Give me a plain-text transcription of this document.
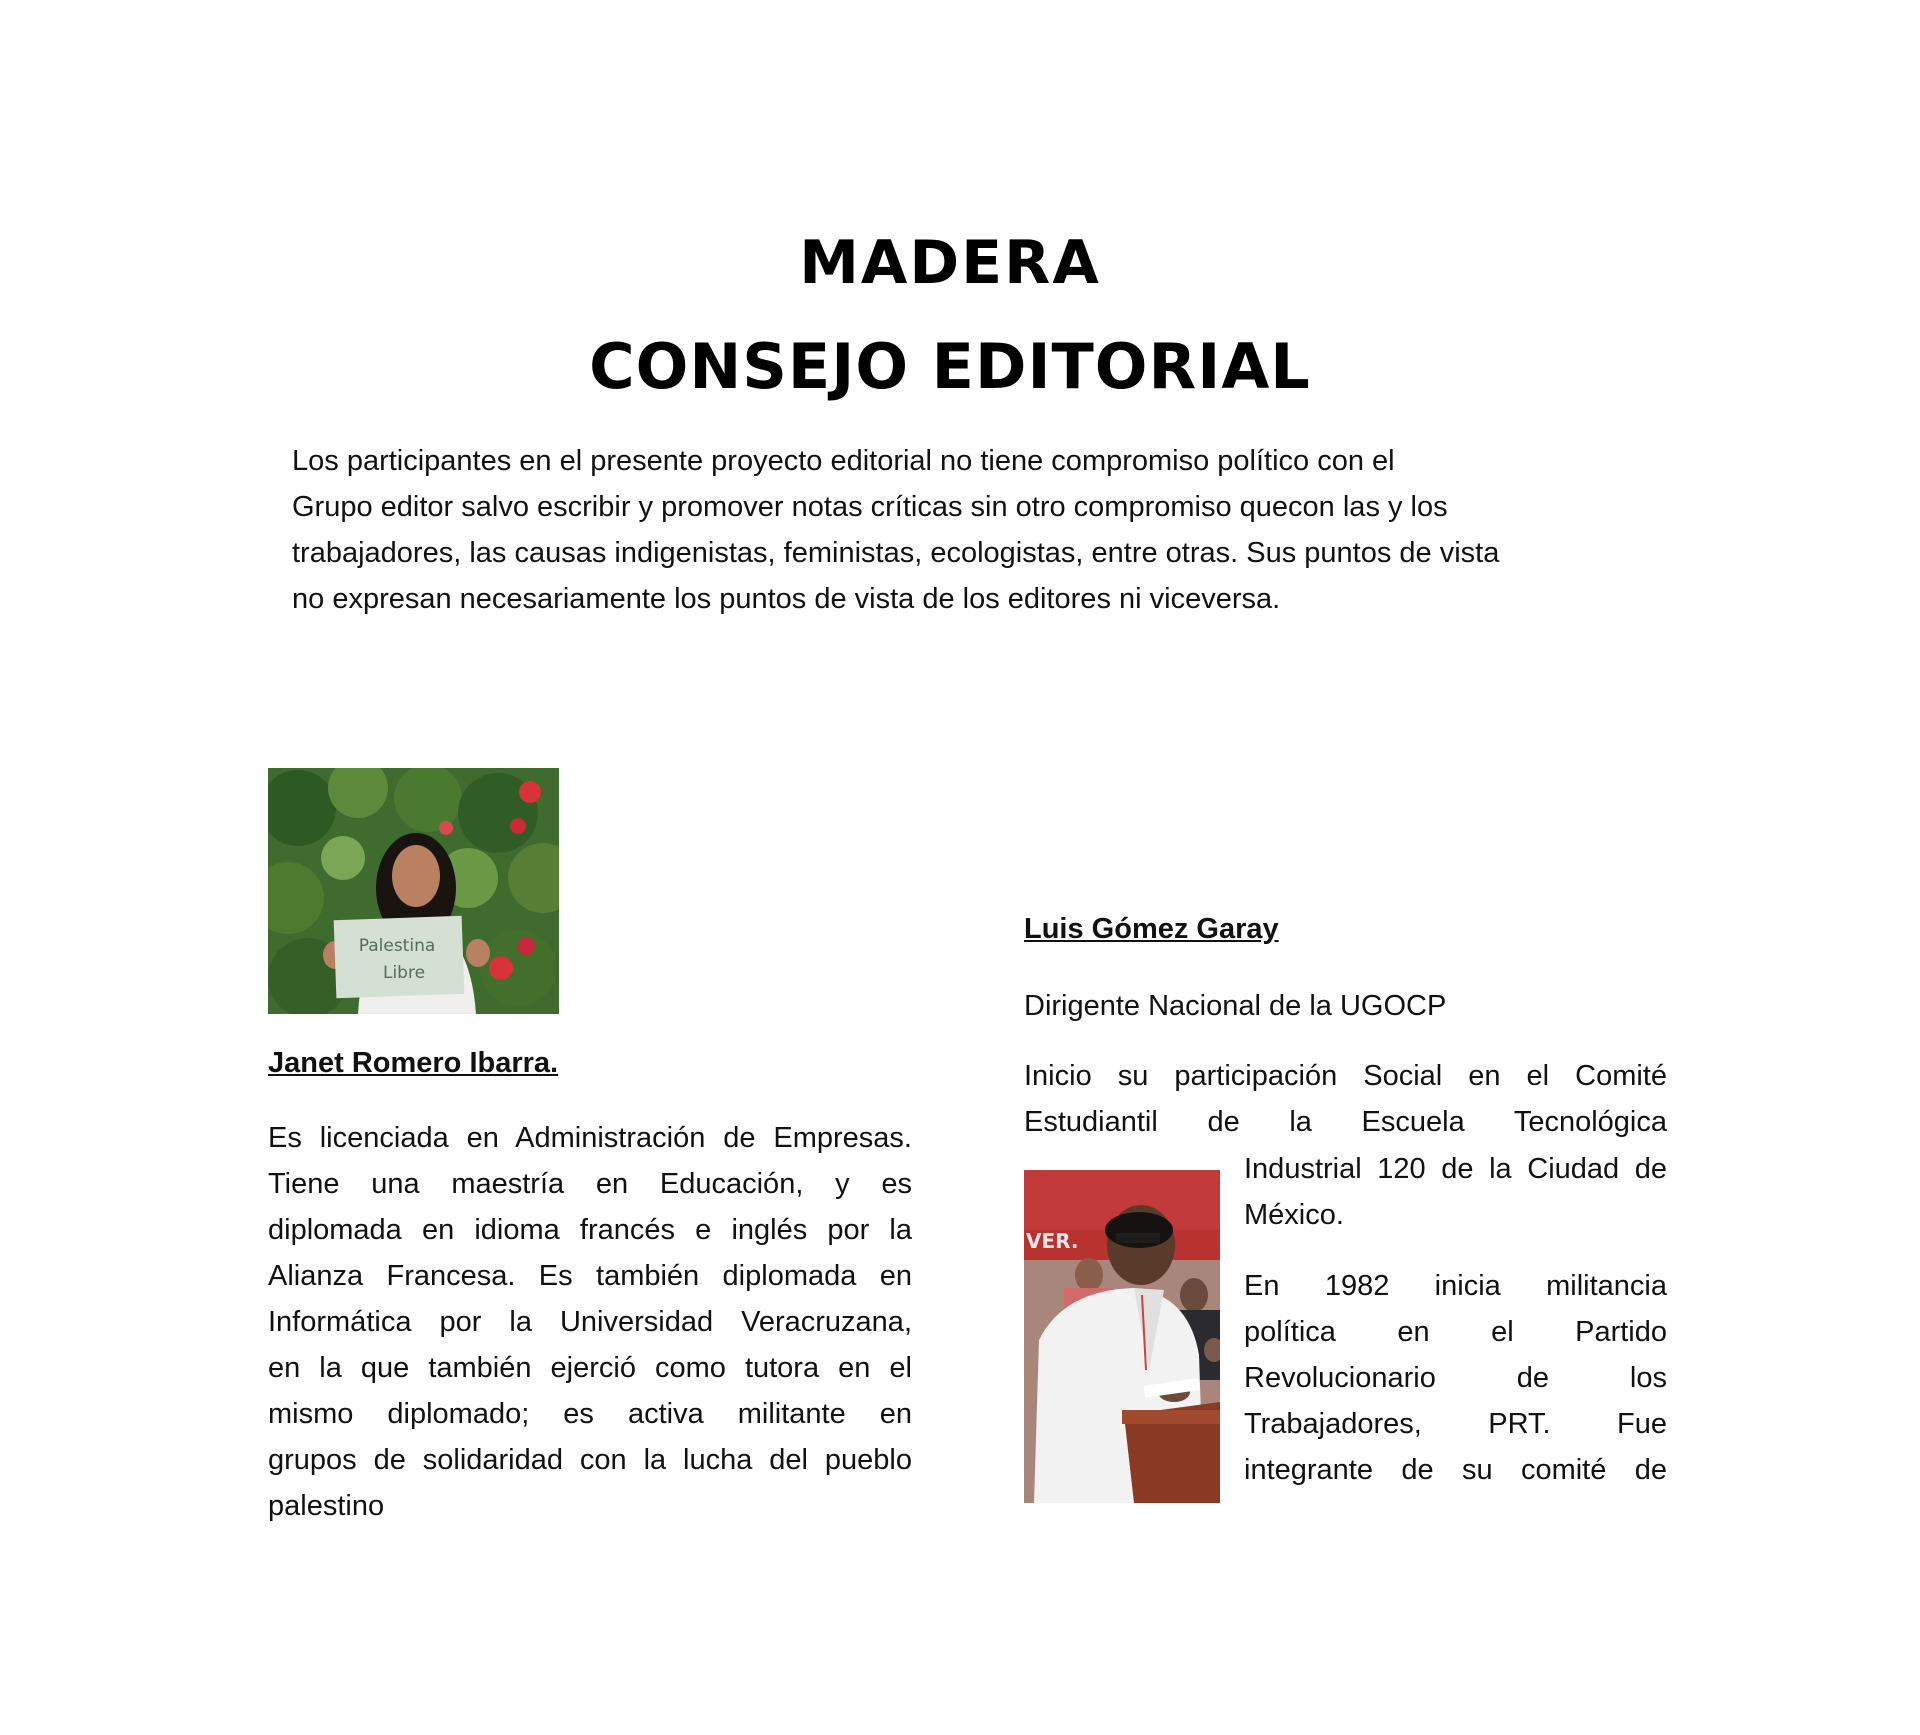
MADERA
CONSEJO EDITORIAL

Los participantes en el presente proyecto editorial no tiene compromiso político con el
Grupo editor salvo escribir y promover notas críticas sin otro compromiso quecon las y los
trabajadores, las causas indigenistas, feministas, ecologistas, entre otras. Sus puntos de vista
no expresan necesariamente los puntos de vista de los editores ni viceversa.

Palestina
Libre

Janet Romero Ibarra.

Es licenciada en Administración de Empresas.
Tiene una maestría en Educación, y es
diplomada en idioma francés e inglés por la
Alianza Francesa. Es también diplomada en
Informática por la Universidad Veracruzana,
en la que también ejerció como tutora en el
mismo diplomado; es activa militante en
grupos de solidaridad con la lucha del pueblo
palestino

Luis Gómez Garay

Dirigente Nacional de la UGOCP

Inicio su participación Social en el Comité
Estudiantil de la Escuela Tecnológica

VER.

Industrial 120 de la Ciudad de
México.

En 1982 inicia militancia
política en el Partido
Revolucionario de los
Trabajadores, PRT. Fue
integrante de su comité de
